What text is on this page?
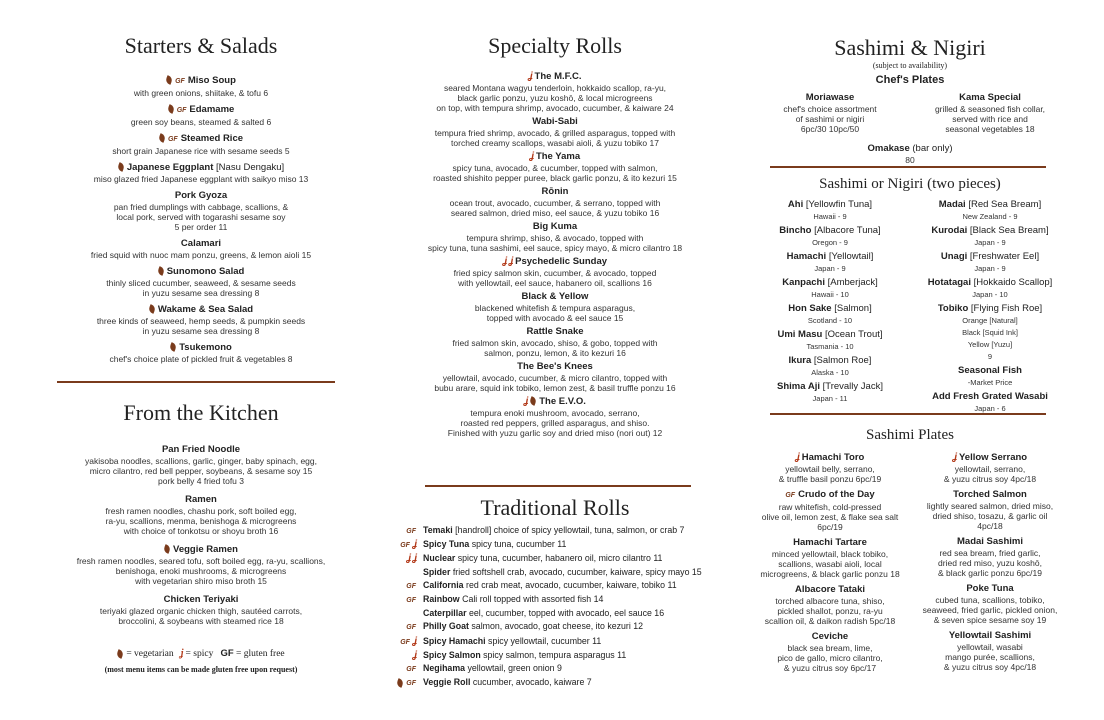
Starters & Salads
GF Miso Soup
with green onions, shiitake, & tofu 6
GF Edamame
green soy beans, steamed & salted 6
GF Steamed Rice
short grain Japanese rice with sesame seeds 5
Japanese Eggplant [Nasu Dengaku]
miso glazed fried Japanese eggplant with saikyo miso 13
Pork Gyoza
pan fried dumplings with cabbage, scallions, &
local pork, served with togarashi sesame soy
5 per order 11
Calamari
fried squid with nuoc mam ponzu, greens, & lemon aioli 15
Sunomono Salad
thinly sliced cucumber, seaweed, & sesame seeds
in yuzu sesame sea dressing 8
Wakame & Sea Salad
three kinds of seaweed, hemp seeds, & pumpkin seeds
in yuzu sesame sea dressing 8
Tsukemono
chef's choice plate of pickled fruit & vegetables 8
From the Kitchen
Pan Fried Noodle
yakisoba noodles, scallions, garlic, ginger, baby spinach, egg,
micro cilantro, red bell pepper, soybeans, & sesame soy 15
pork belly 4 fried tofu 3
Ramen
fresh ramen noodles, chashu pork, soft boiled egg,
ra-yu, scallions, menma, benishoga & microgreens
with choice of tonkotsu or shoyu broth 16
Veggie Ramen
fresh ramen noodles, seared tofu, soft boiled egg, ra-yu, scallions,
benishoga, enoki mushrooms, & microgreens
with vegetarian shiro miso broth 15
Chicken Teriyaki
teriyaki glazed organic chicken thigh, sautéed carrots,
broccolini, & soybeans with steamed rice 18
= vegetarian ʝ = spicy GF = gluten free
(most menu items can be made gluten free upon request)
Specialty Rolls
ʝ The M.F.C.
seared Montana wagyu tenderloin, hokkaido scallop, ra-yu,
black garlic ponzu, yuzu koshō, & local microgreens
on top, with tempura shrimp, avocado, cucumber, & kaiware 24
Wabi-Sabi
tempura fried shrimp, avocado, & grilled asparagus, topped with
torched creamy scallops, wasabi aioli, & yuzu tobiko 17
ʝ The Yama
spicy tuna, avocado, & cucumber, topped with salmon,
roasted shishito pepper puree, black garlic ponzu, & ito kezuri 15
Rōnin
ocean trout, avocado, cucumber, & serrano, topped with
seared salmon, dried miso, eel sauce, & yuzu tobiko 16
Big Kuma
tempura shrimp, shiso, & avocado, topped with
spicy tuna, tuna sashimi, eel sauce, spicy mayo, & micro cilantro 18
ʝ ʝ Psychedelic Sunday
fried spicy salmon skin, cucumber, & avocado, topped
with yellowtail, eel sauce, habanero oil, scallions 16
Black & Yellow
blackened whitefish & tempura asparagus,
topped with avocado & eel sauce 15
Rattle Snake
fried salmon skin, avocado, shiso, & gobo, topped with
salmon, ponzu, lemon, & ito kezuri 16
The Bee's Knees
yellowtail, avocado, cucumber, & micro cilantro, topped with
bubu arare, squid ink tobiko, lemon zest, & basil truffle ponzu 16
ʝ The E.V.O.
tempura enoki mushroom, avocado, serrano,
roasted red peppers, grilled asparagus, and shiso.
Finished with yuzu garlic soy and dried miso (nori out) 12
Traditional Rolls
GF Temaki [handroll] choice of spicy yellowtail, tuna, salmon, or crab 7
GF ʝ Spicy Tuna spicy tuna, cucumber 11
ʝ ʝ Nuclear spicy tuna, cucumber, habanero oil, micro cilantro 11
Spider fried softshell crab, avocado, cucumber, kaiware, spicy mayo 15
GF California red crab meat, avocado, cucumber, kaiware, tobiko 11
GF Rainbow Cali roll topped with assorted fish 14
Caterpillar eel, cucumber, topped with avocado, eel sauce 16
GF Philly Goat salmon, avocado, goat cheese, ito kezuri 12
GF ʝ Spicy Hamachi spicy yellowtail, cucumber 11
ʝ Spicy Salmon spicy salmon, tempura asparagus 11
GF Negihama yellowtail, green onion 9
GF Veggie Roll cucumber, avocado, kaiware 7
Sashimi & Nigiri
(subject to availability)
Chef's Plates
Moriawase
chef's choice assortment
of sashimi or nigiri
6pc/30 10pc/50
Kama Special
grilled & seasoned fish collar,
served with rice and
seasonal vegetables 18
Omakase (bar only)
80
Sashimi or Nigiri (two pieces)
Ahi [Yellowfin Tuna]
Hawaii - 9
Bincho [Albacore Tuna]
Oregon - 9
Hamachi [Yellowtail]
Japan - 9
Kanpachi [Amberjack]
Hawaii - 10
Hon Sake [Salmon]
Scotland - 10
Umi Masu [Ocean Trout]
Tasmania - 10
Ikura [Salmon Roe]
Alaska - 10
Shima Aji [Trevally Jack]
Japan - 11
Madai [Red Sea Bream]
New Zealand - 9
Kurodai [Black Sea Bream]
Japan - 9
Unagi [Freshwater Eel]
Japan - 9
Hotatagai [Hokkaido Scallop]
Japan - 10
Tobiko [Flying Fish Roe]
Orange [Natural]
Black [Squid Ink]
Yellow [Yuzu]
9
Seasonal Fish
-Market Price
Add Fresh Grated Wasabi
Japan - 6
Sashimi Plates
ʝ Hamachi Toro
yellowtail belly, serrano,
& truffle basil ponzu 6pc/19
GF Crudo of the Day
raw whitefish, cold-pressed
olive oil, lemon zest, & flake sea salt
6pc/19
Hamachi Tartare
minced yellowtail, black tobiko,
scallions, wasabi aioli, local
microgreens, & black garlic ponzu 18
Albacore Tataki
torched albacore tuna, shiso,
pickled shallot, ponzu, ra-yu
scallion oil, & daikon radish 5pc/18
Ceviche
black sea bream, lime,
pico de gallo, micro cilantro,
& yuzu citrus soy 6pc/17
ʝ Yellow Serrano
yellowtail, serrano,
& yuzu citrus soy 4pc/18
Torched Salmon
lightly seared salmon, dried miso,
dried shiso, tosazu, & garlic oil
4pc/18
Madai Sashimi
red sea bream, fried garlic,
dried red miso, yuzu koshō,
& black garlic ponzu 6pc/19
Poke Tuna
cubed tuna, scallions, tobiko,
seaweed, fried garlic, pickled onion,
& seven spice sesame soy 19
Yellowtail Sashimi
yellowtail, wasabi
mango purée, scallions,
& yuzu citrus soy 4pc/18
